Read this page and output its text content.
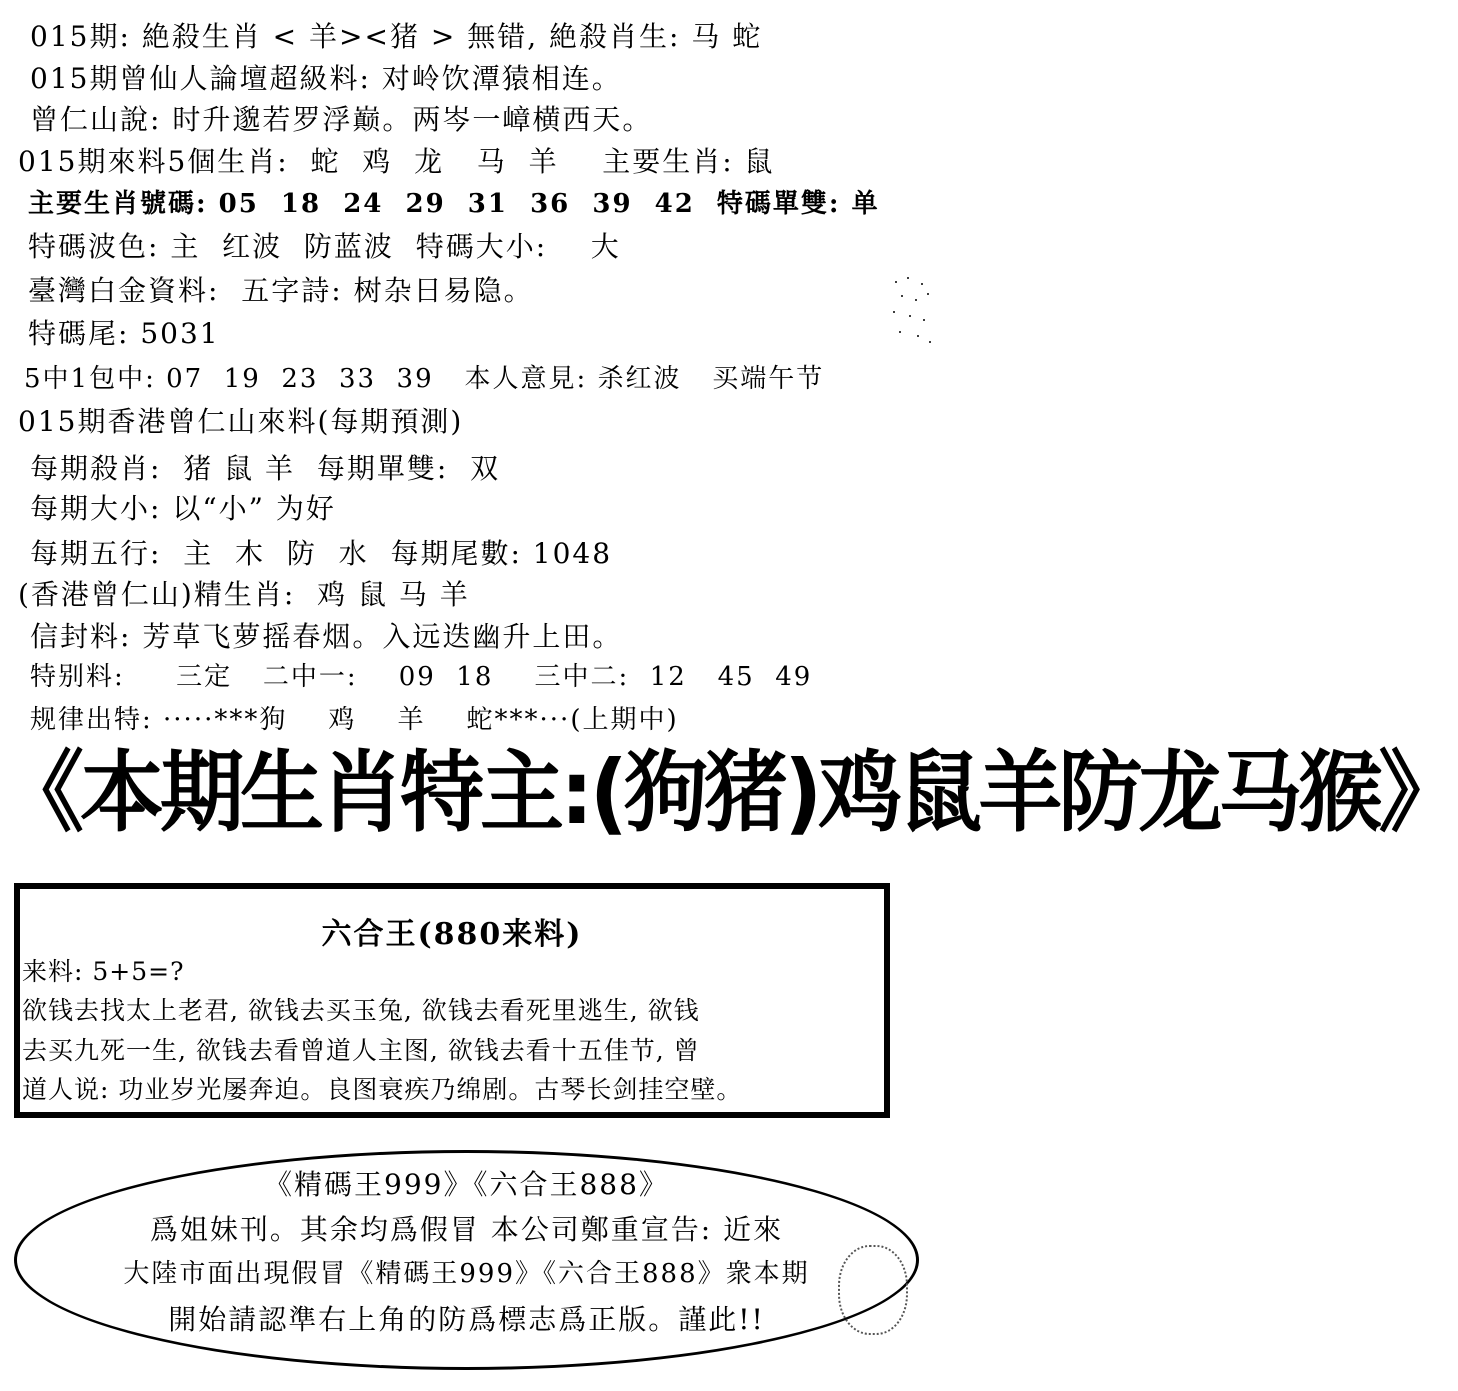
015期: 絶殺生肖 < 羊><猪 > 無错, 絶殺肖生: 马 蛇
015期曾仙人論壇超級料: 对岭饮潭猿相连。
曾仁山說: 时升邈若罗浮巅。两岑一嶂横西天。
015期來料5個生肖:  蛇  鸡  龙   马  羊    主要生肖: 鼠
主要生肖號碼: 05  18  24  29  31  36  39  42  特碼單雙: 单
特碼波色: 主  红波  防蓝波  特碼大小:    大
臺灣白金資料:  五字詩: 树杂日易隐。
特碼尾: 5031
5中1包中: 07  19  23  33  39   本人意見: 杀红波   买端午节
015期香港曾仁山來料(每期預測)
每期殺肖:  猪 鼠 羊  每期單雙:  双
每期大小: 以“小” 为好
每期五行:  主  木  防  水  每期尾數: 1048
(香港曾仁山)精生肖:  鸡 鼠 马 羊
信封料: 芳草飞萝摇春烟。入远迭幽升上田。
特别料:     三定   二中一:    09  18    三中二:  12   45  49
规律出特: ·····***狗    鸡    羊    蛇***···(上期中)
《本期生肖特主:(狗猪)鸡鼠羊防龙马猴》
六合王(880来料)
来料: 5+5=?
欲钱去找太上老君, 欲钱去买玉兔, 欲钱去看死里逃生, 欲钱
去买九死一生, 欲钱去看曾道人主图, 欲钱去看十五佳节, 曾
道人说: 功业岁光屡奔迫。良图衰疾乃绵剧。古琴长剑挂空壁。
《精碼王999》《六合王888》
爲姐妹刊。其余均爲假冒 本公司鄭重宣告: 近來
大陸市面出現假冒《精碼王999》《六合王888》衆本期
開始請認準右上角的防爲標志爲正版。謹此!!
